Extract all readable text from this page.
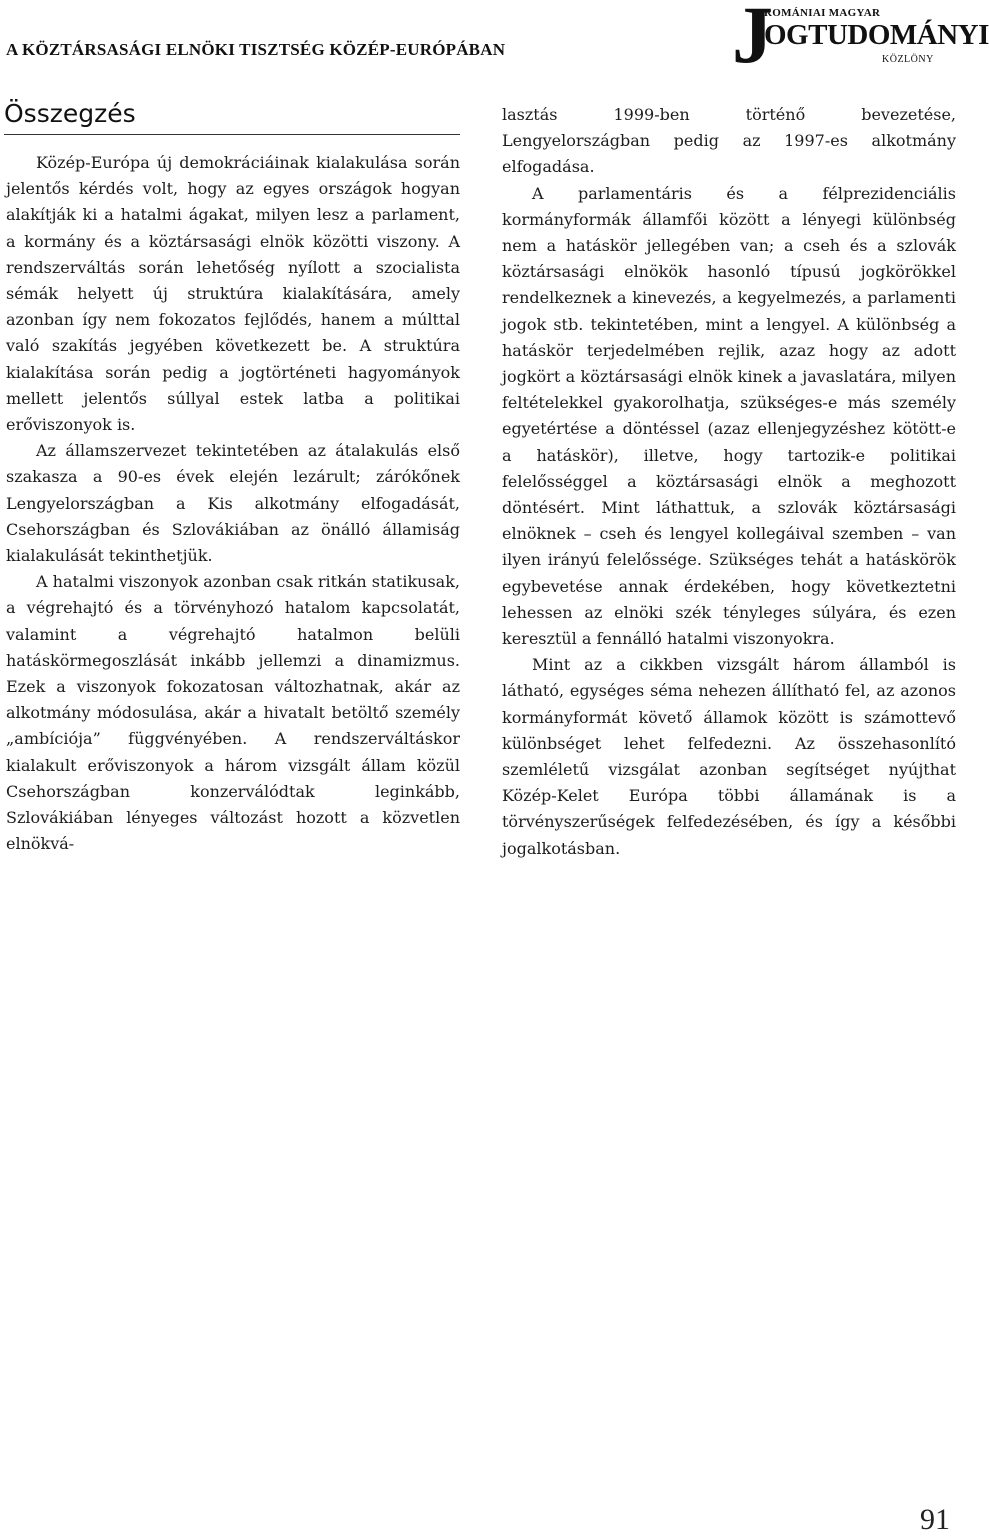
A KÖZTÁRSASÁGI ELNÖKI TISZTSÉG KÖZÉP-EURÓPÁBAN	J
ROMÁNIAI MAGYAR
OGTUDOMÁNYI
KÖZLÖNY
Összegzés

Közép-Európa új demokráciáinak kialakulása során jelentős kérdés volt, hogy az egyes országok hogyan alakítják ki a hatalmi ágakat, milyen lesz a parlament, a kormány és a köztársasági elnök közötti viszony. A rendszerváltás során lehetőség nyílott a szocialista sémák helyett új struktúra kialakítására, amely azonban így nem fokozatos fejlődés, hanem a múlttal való szakítás jegyében következett be. A struktúra kialakítása során pedig a jogtörténeti hagyományok mellett jelentős súllyal estek latba a politikai erőviszonyok is.

Az államszervezet tekintetében az átalakulás első szakasza a 90-es évek elején lezárult; zárókőnek Lengyelországban a Kis alkotmány elfogadását, Csehországban és Szlovákiában az önálló államiság kialakulását tekinthetjük.

A hatalmi viszonyok azonban csak ritkán statikusak, a végrehajtó és a törvényhozó hatalom kapcsolatát, valamint a végrehajtó hatalmon belüli hatáskörmegoszlását inkább jellemzi a dinamizmus. Ezek a viszonyok fokozatosan változhatnak, akár az alkotmány módosulása, akár a hivatalt betöltő személy „ambíciója” függvényében. A rendszerváltáskor kialakult erőviszonyok a három vizsgált állam közül Csehországban konzerválódtak leginkább, Szlovákiában lényeges változást hozott a közvetlen elnökvá-

lasztás 1999-ben történő bevezetése, Lengyelországban pedig az 1997-es alkotmány elfogadása.

A parlamentáris és a félprezidenciális kormányformák államfői között a lényegi különbség nem a hatáskör jellegében van; a cseh és a szlovák köztársasági elnökök hasonló típusú jogkörökkel rendelkeznek a kinevezés, a kegyelmezés, a parlamenti jogok stb. tekintetében, mint a lengyel. A különbség a hatáskör terjedelmében rejlik, azaz hogy az adott jogkört a köztársasági elnök kinek a javaslatára, milyen feltételekkel gyakorolhatja, szükséges-e más személy egyetértése a döntéssel (azaz ellenjegyzéshez kötött-e a hatáskör), illetve, hogy tartozik-e politikai felelősséggel a köztársasági elnök a meghozott döntésért. Mint láthattuk, a szlovák köztársasági elnöknek – cseh és lengyel kollegáival szemben – van ilyen irányú felelőssége. Szükséges tehát a hatáskörök egybevetése annak érdekében, hogy következtetni lehessen az elnöki szék tényleges súlyára, és ezen keresztül a fennálló hatalmi viszonyokra.

Mint az a cikkben vizsgált három államból is látható, egységes séma nehezen állítható fel, az azonos kormányformát követő államok között is számottevő különbséget lehet felfedezni. Az összehasonlító szemléletű vizsgálat azonban segítséget nyújthat Közép-Kelet Európa többi államának is a törvényszerűségek felfedezésében, és így a későbbi jogalkotásban.

91
